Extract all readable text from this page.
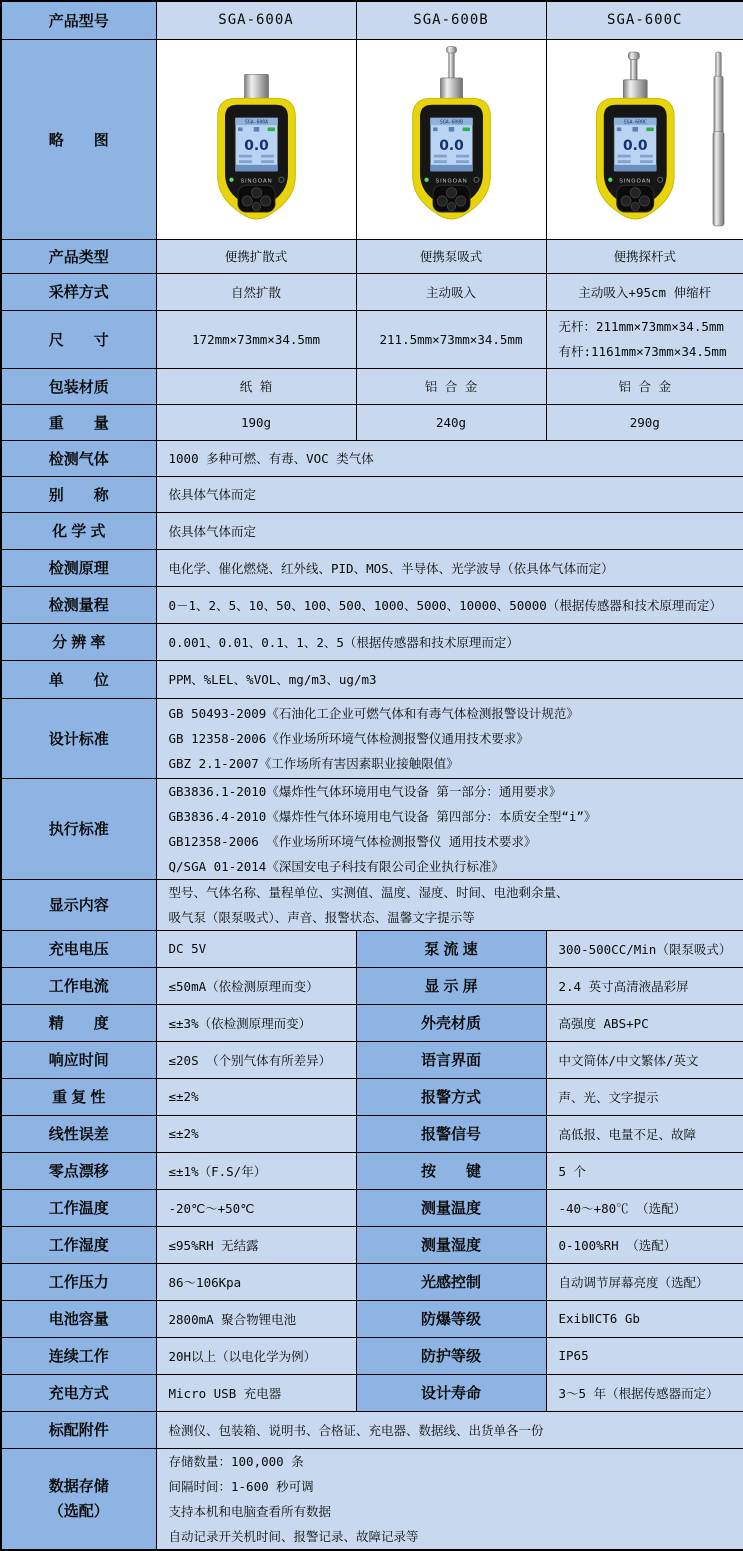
产品型号	SGA-600A	SGA-600B	SGA-600C
略　　图	SGA-600A
0.0
SINGOAN	SGA-600B
0.0
SINGOAN	SGA-600C
0.0
SINGOAN

产品类型	便携扩散式	便携泵吸式	便携探杆式
采样方式	自然扩散	主动吸入	主动吸入+95cm 伸缩杆
尺　　寸	172mm×73mm×34.5mm	211.5mm×73mm×34.5mm	无杆：211mm×73mm×34.5mm
有杆:1161mm×73mm×34.5mm

包装材质	纸 箱	铝 合 金	铝 合 金
重　　量	190g	240g	290g
检测气体	1000 多种可燃、有毒、VOC 类气体		
别　　称	依具体气体而定		
化 学 式	依具体气体而定		
检测原理	电化学、催化燃烧、红外线、PID、MOS、半导体、光学波导（依具体气体而定）		
检测量程	0－1、2、5、10、50、100、500、1000、5000、10000、50000（根据传感器和技术原理而定）		
分 辨 率	0.001、0.01、0.1、1、2、5（根据传感器和技术原理而定）		
单　　位	PPM、%LEL、%VOL、mg/m3、ug/m3		
设计标准	GB 50493-2009《石油化工企业可燃气体和有毒气体检测报警设计规范》
GB 12358-2006《作业场所环境气体检测报警仪通用技术要求》
GBZ 2.1-2007《工作场所有害因素职业接触限值》		

执行标准	GB3836.1-2010《爆炸性气体环境用电气设备 第一部分：通用要求》
GB3836.4-2010《爆炸性气体环境用电气设备 第四部分：本质安全型“i”》
GB12358-2006 《作业场所环境气体检测报警仪 通用技术要求》
Q/SGA 01-2014《深国安电子科技有限公司企业执行标准》		

显示内容	型号、气体名称、量程单位、实测值、温度、湿度、时间、电池剩余量、
吸气泵（限泵吸式）、声音、报警状态、温馨文字提示等		

充电电压	DC 5V	泵 流 速	300-500CC/Min（限泵吸式）
工作电流	≤50mA（依检测原理而变）	显 示 屏	2.4 英寸高清液晶彩屏
精　　度	≤±3%（依检测原理而变）	外壳材质	高强度 ABS+PC
响应时间	≤20S （个别气体有所差异）	语言界面	中文简体/中文繁体/英文
重 复 性	≤±2%	报警方式	声、光、文字提示
线性误差	≤±2%	报警信号	高低报、电量不足、故障
零点漂移	≤±1%（F.S/年）	按　　键	5 个
工作温度	-20℃～+50℃	测量温度	-40～+80℃ （选配）
工作湿度	≤95%RH 无结露	测量湿度	0-100%RH （选配）
工作压力	86～106Kpa	光感控制	自动调节屏幕亮度（选配）
电池容量	2800mA 聚合物锂电池	防爆等级	ExibⅡCT6 Gb
连续工作	20H以上（以电化学为例）	防护等级	IP65
充电方式	Micro USB 充电器	设计寿命	3～5 年（根据传感器而定）
标配附件	检测仪、包装箱、说明书、合格证、充电器、数据线、出货单各一份		

数据存储
（选配）

存储数量：100,000 条
间隔时间：1-600 秒可调
支持本机和电脑查看所有数据
自动记录开关机时间、报警记录、故障记录等
